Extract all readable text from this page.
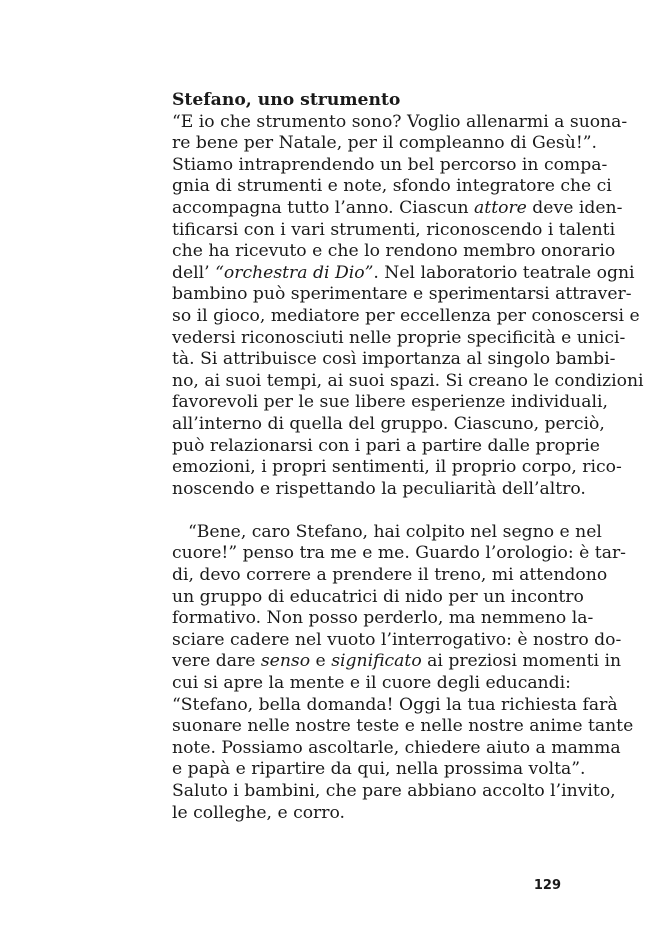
Stefano, uno strumento
“E io che strumento sono? Voglio allenarmi a suona-
re bene per Natale, per il compleanno di Gesù!”.
Stiamo intraprendendo un bel percorso in compa-
gnia di strumenti e note, sfondo integratore che ci
accompagna tutto l’anno. Ciascun attore deve iden-
tificarsi con i vari strumenti, riconoscendo i talenti
che ha ricevuto e che lo rendono membro onorario
dell’ “orchestra di Dio”. Nel laboratorio teatrale ogni
bambino può sperimentare e sperimentarsi attraver-
so il gioco, mediatore per eccellenza per conoscersi e
vedersi riconosciuti nelle proprie specificità e unici-
tà. Si attribuisce così importanza al singolo bambi-
no, ai suoi tempi, ai suoi spazi. Si creano le condizioni
favorevoli per le sue libere esperienze individuali,
all’interno di quella del gruppo. Ciascuno, perciò,
può relazionarsi con i pari a partire dalle proprie
emozioni, i propri sentimenti, il proprio corpo, rico-
noscendo e rispettando la peculiarità dell’altro.
“Bene, caro Stefano, hai colpito nel segno e nel
cuore!” penso tra me e me. Guardo l’orologio: è tar-
di, devo correre a prendere il treno, mi attendono
un gruppo di educatrici di nido per un incontro
formativo. Non posso perderlo, ma nemmeno la-
sciare cadere nel vuoto l’interrogativo: è nostro do-
vere dare senso e significato ai preziosi momenti in
cui si apre la mente e il cuore degli educandi:
“Stefano, bella domanda! Oggi la tua richiesta farà
suonare nelle nostre teste e nelle nostre anime tante
note. Possiamo ascoltarle, chiedere aiuto a mamma
e papà e ripartire da qui, nella prossima volta”.
Saluto i bambini, che pare abbiano accolto l’invito,
le colleghe, e corro.
129
